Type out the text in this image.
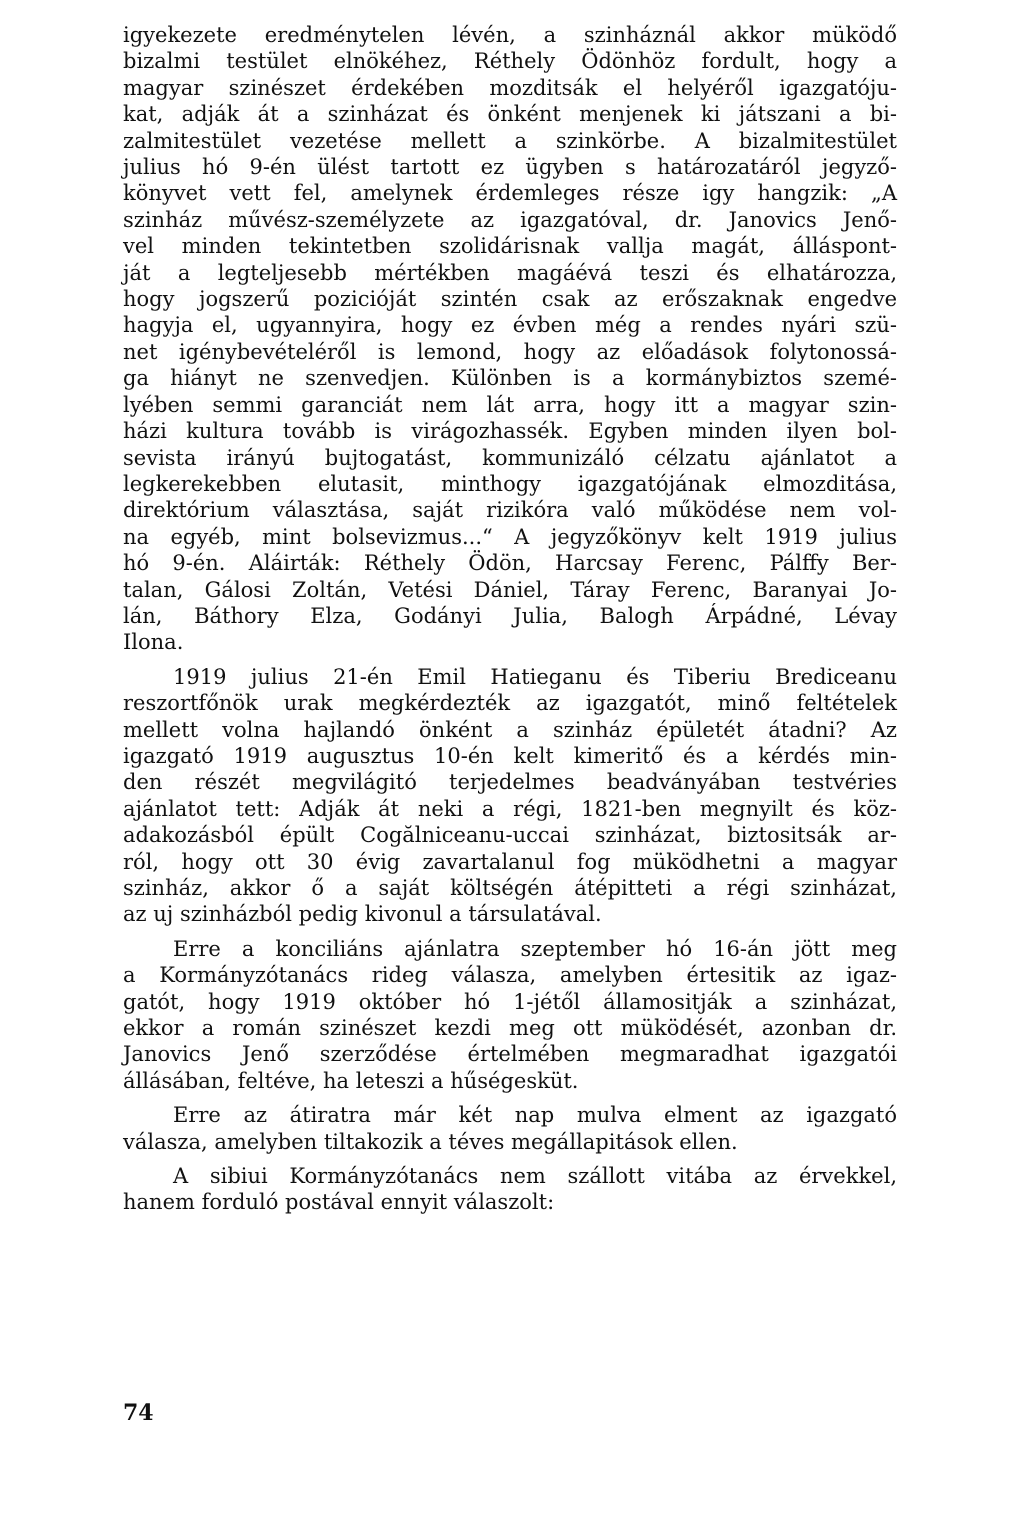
igyekezete eredménytelen lévén, a szinháznál akkor müködő
bizalmi testület elnökéhez, Réthely Ödönhöz fordult, hogy a
magyar szinészet érdekében mozditsák el helyéről igazgatóju-
kat, adják át a szinházat és önként menjenek ki játszani a bi-
zalmitestület vezetése mellett a szinkörbe. A bizalmitestület
julius hó 9-én ülést tartott ez ügyben s határozatáról jegyző-
könyvet vett fel, amelynek érdemleges része igy hangzik: „A
szinház művész-személyzete az igazgatóval, dr. Janovics Jenő-
vel minden tekintetben szolidárisnak vallja magát, álláspont-
ját a legteljesebb mértékben magáévá teszi és elhatározza,
hogy jogszerű pozicióját szintén csak az erőszaknak engedve
hagyja el, ugyannyira, hogy ez évben még a rendes nyári szü-
net igénybevételéről is lemond, hogy az előadások folytonossá-
ga hiányt ne szenvedjen. Különben is a kormánybiztos szemé-
lyében semmi garanciát nem lát arra, hogy itt a magyar szin-
házi kultura tovább is virágozhassék. Egyben minden ilyen bol-
sevista irányú bujtogatást, kommunizáló célzatu ajánlatot a
legkerekebben elutasit, minthogy igazgatójának elmozditása,
direktórium választása, saját rizikóra való működése nem vol-
na egyéb, mint bolsevizmus...“ A jegyzőkönyv kelt 1919 julius
hó 9-én. Aláirták: Réthely Ödön, Harcsay Ferenc, Pálffy Ber-
talan, Gálosi Zoltán, Vetési Dániel, Táray Ferenc, Baranyai Jo-
lán, Báthory Elza, Godányi Julia, Balogh Árpádné, Lévay
Ilona.

1919 julius 21-én Emil Hatieganu és Tiberiu Brediceanu
reszortfőnök urak megkérdezték az igazgatót, minő feltételek
mellett volna hajlandó önként a szinház épületét átadni? Az
igazgató 1919 augusztus 10-én kelt kimeritő és a kérdés min-
den részét megvilágitó terjedelmes beadványában testvéries
ajánlatot tett: Adják át neki a régi, 1821-ben megnyilt és köz-
adakozásból épült Cogălniceanu-uccai szinházat, biztositsák ar-
ról, hogy ott 30 évig zavartalanul fog müködhetni a magyar
szinház, akkor ő a saját költségén átépitteti a régi szinházat,
az uj szinházból pedig kivonul a társulatával.

Erre a konciliáns ajánlatra szeptember hó 16-án jött meg
a Kormányzótanács rideg válasza, amelyben értesitik az igaz-
gatót, hogy 1919 október hó 1-jétől államositják a szinházat,
ekkor a román szinészet kezdi meg ott müködését, azonban dr.
Janovics Jenő szerződése értelmében megmaradhat igazgatói
állásában, feltéve, ha leteszi a hűségesküt.

Erre az átiratra már két nap mulva elment az igazgató
válasza, amelyben tiltakozik a téves megállapitások ellen.

A sibiui Kormányzótanács nem szállott vitába az érvekkel,
hanem forduló postával ennyit válaszolt:

74
